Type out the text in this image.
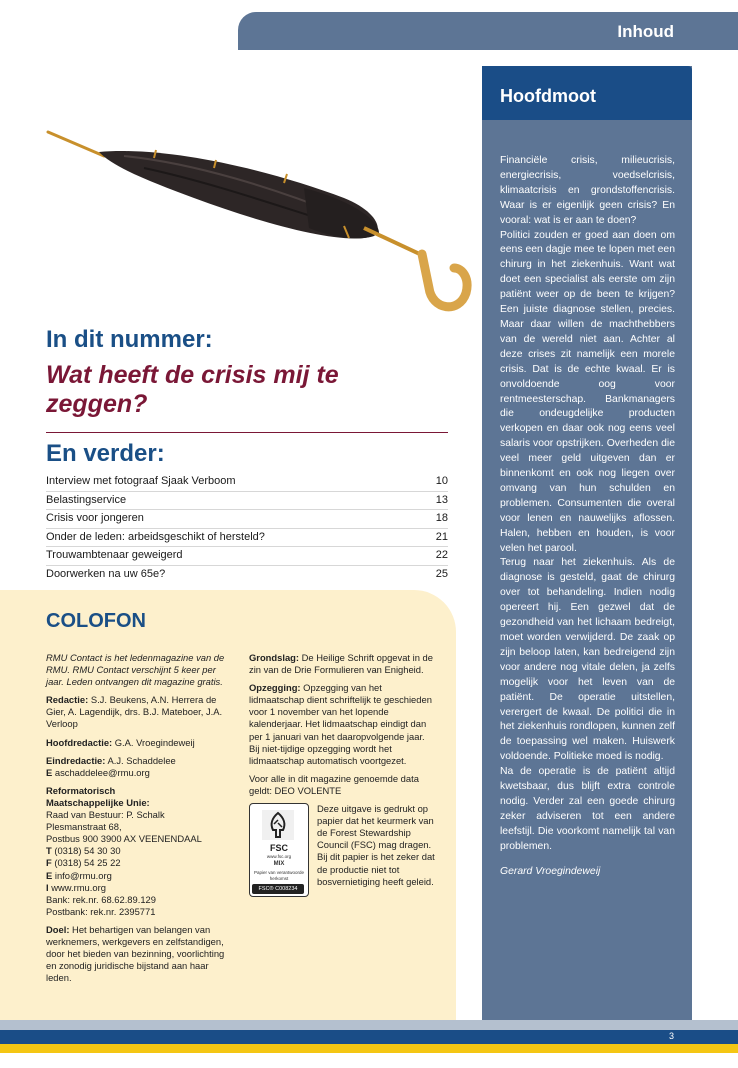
Inhoud
In dit nummer:
Wat heeft de crisis mij te zeggen?
En verder:
Interview met fotograaf Sjaak Verboom	10
Belastingservice	13
Crisis voor jongeren	18
Onder de leden: arbeidsgeschikt of hersteld?	21
Trouwambtenaar geweigerd	22
Doorwerken na uw 65e?	25
COLOFON

RMU Contact is het ledenmagazine van de RMU. RMU Contact verschijnt 5 keer per jaar. Leden ontvangen dit magazine gratis.

Redactie: S.J. Beukens, A.N. Herrera de Gier, A. Lagendijk, drs. B.J. Mateboer, J.A. Verloop

Hoofdredactie: G.A. Vroegindeweij

Eindredactie: A.J. Schaddelee
E aschaddelee@rmu.org

Reformatorisch
Maatschappelijke Unie:
Raad van Bestuur: P. Schalk
Plesmanstraat 68,
Postbus 900 3900 AX VEENENDAAL
T (0318) 54 30 30
F (0318) 54 25 22
E info@rmu.org
I www.rmu.org
Bank: rek.nr. 68.62.89.129
Postbank: rek.nr. 2395771

Doel: Het behartigen van belangen van werknemers, werkgevers en zelfstandigen, door het bieden van bezinning, voorlichting en zonodig juridische bijstand aan haar leden.

Grondslag: De Heilige Schrift opgevat in de zin van de Drie Formulieren van Enigheid.

Opzegging: Opzegging van het lidmaatschap dient schriftelijk te geschieden voor 1 november van het lopende kalenderjaar. Het lidmaatschap eindigt dan per 1 januari van het daaropvolgende jaar. Bij niet-tijdige opzegging wordt het lidmaatschap automatisch voortgezet.

Voor alle in dit magazine genoemde data geldt: DEO VOLENTE

FSC
www.fsc.org
MIX
Papier van verantwoorde herkomst
FSC® C008234
Deze uitgave is gedrukt op papier dat het keurmerk van de Forest Stewardship Council (FSC) mag dragen. Bij dit papier is het zeker dat de productie niet tot bosvernietiging heeft geleid.
Hoofdmoot
Financiële crisis, milieucrisis, energiecrisis, voedselcrisis, klimaatcrisis en grondstoffencrisis. Waar is er eigenlijk geen crisis? En vooral: wat is er aan te doen?
Politici zouden er goed aan doen om eens een dagje mee te lopen met een chirurg in het ziekenhuis. Want wat doet een specialist als eerste om zijn patiënt weer op de been te krijgen? Een juiste diagnose stellen, precies. Maar daar willen de machthebbers van de wereld niet aan. Achter al deze crises zit namelijk een morele crisis. Dat is de echte kwaal. Er is onvoldoende oog voor rentmeesterschap. Bankmanagers die ondeugdelijke producten verkopen en daar ook nog eens veel salaris voor opstrijken. Overheden die veel meer geld uitgeven dan er binnenkomt en ook nog liegen over omvang van hun schulden en problemen. Consumenten die overal voor lenen en nauwelijks aflossen. Halen, hebben en houden, is voor velen het parool.
Terug naar het ziekenhuis. Als de diagnose is gesteld, gaat de chirurg over tot behandeling. Indien nodig opereert hij. Een gezwel dat de gezondheid van het lichaam bedreigt, moet worden verwijderd. De zaak op zijn beloop laten, kan bedreigend zijn voor andere nog vitale delen, ja zelfs mogelijk voor het leven van de patiënt. De operatie uitstellen, verergert de kwaal. De politici die in het ziekenhuis rondlopen, kunnen zelf de toepassing wel maken. Huiswerk voldoende. Politieke moed is nodig.
Na de operatie is de patiënt altijd kwetsbaar, dus blijft extra controle nodig. Verder zal een goede chirurg zeker adviseren tot een andere leefstijl. Die voorkomt namelijk tal van problemen.
Gerard Vroegindeweij
3
